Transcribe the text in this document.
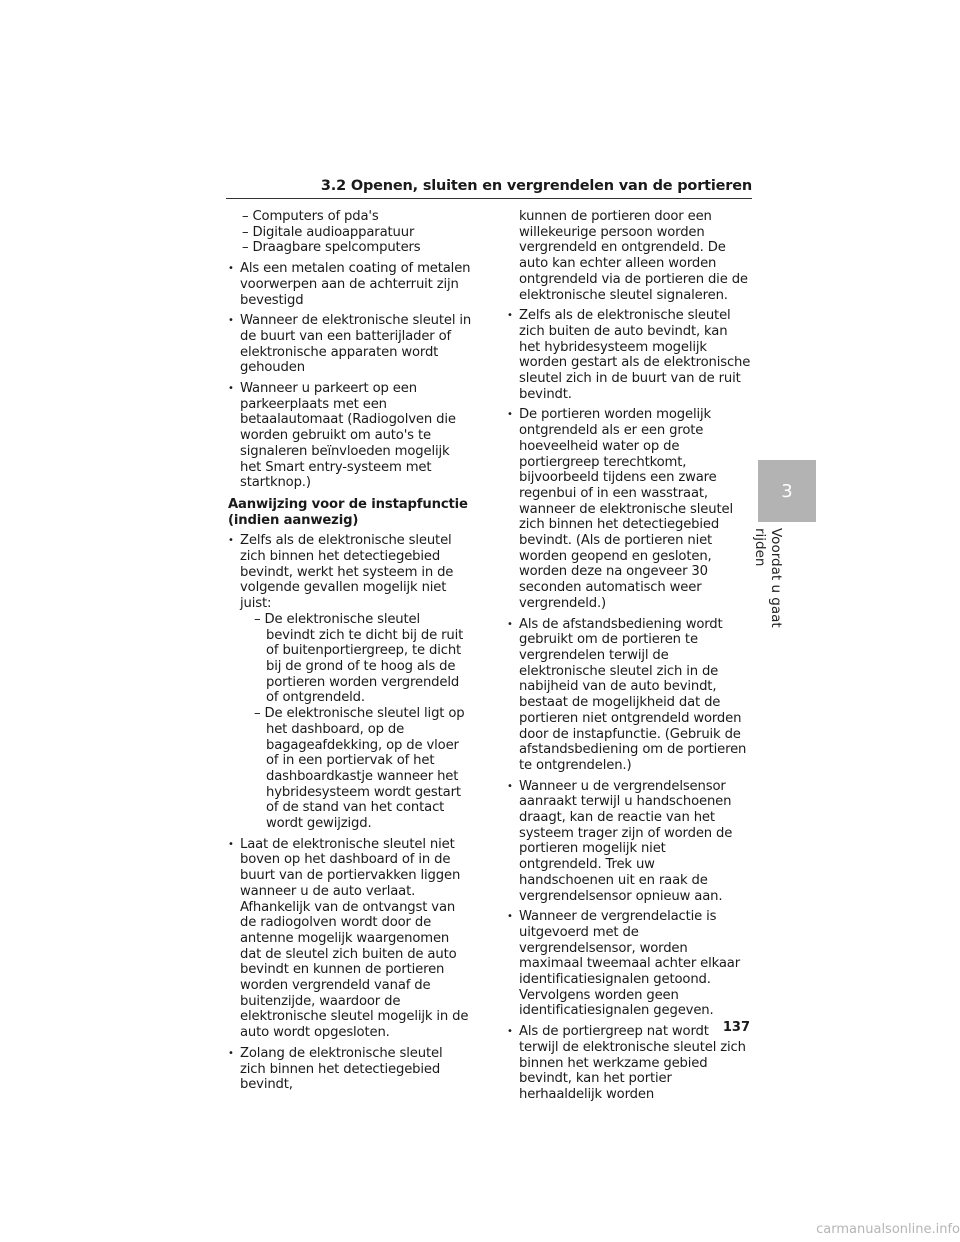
3.2 Openen, sluiten en vergrendelen van de portieren
– Computers of pda's
– Digitale audioapparatuur
– Draagbare spelcomputers
• Als een metalen coating of metalen voorwerpen aan de achterruit zijn bevestigd
• Wanneer de elektronische sleutel in de buurt van een batterijlader of elektronische apparaten wordt gehouden
• Wanneer u parkeert op een parkeerplaats met een betaalautomaat (Radiogolven die worden gebruikt om auto's te signaleren beïnvloeden mogelijk het Smart entry-systeem met startknop.)
Aanwijzing voor de instapfunctie (indien aanwezig)
• Zelfs als de elektronische sleutel zich binnen het detectiegebied bevindt, werkt het systeem in de volgende gevallen mogelijk niet juist:
– De elektronische sleutel bevindt zich te dicht bij de ruit of buitenportiergreep, te dicht bij de grond of te hoog als de portieren worden vergrendeld of ontgrendeld.
– De elektronische sleutel ligt op het dashboard, op de bagageafdekking, op de vloer of in een portiervak of het dashboardkastje wanneer het hybridesysteem wordt gestart of de stand van het contact wordt gewijzigd.
• Laat de elektronische sleutel niet boven op het dashboard of in de buurt van de portiervakken liggen wanneer u de auto verlaat. Afhankelijk van de ontvangst van de radiogolven wordt door de antenne mogelijk waargenomen dat de sleutel zich buiten de auto bevindt en kunnen de portieren worden vergrendeld vanaf de buitenzijde, waardoor de elektronische sleutel mogelijk in de auto wordt opgesloten.
• Zolang de elektronische sleutel zich binnen het detectiegebied bevindt,
kunnen de portieren door een willekeurige persoon worden vergrendeld en ontgrendeld. De auto kan echter alleen worden ontgrendeld via de portieren die de elektronische sleutel signaleren.
• Zelfs als de elektronische sleutel zich buiten de auto bevindt, kan het hybridesysteem mogelijk worden gestart als de elektronische sleutel zich in de buurt van de ruit bevindt.
• De portieren worden mogelijk ontgrendeld als er een grote hoeveelheid water op de portiergreep terechtkomt, bijvoorbeeld tijdens een zware regenbui of in een wasstraat, wanneer de elektronische sleutel zich binnen het detectiegebied bevindt. (Als de portieren niet worden geopend en gesloten, worden deze na ongeveer 30 seconden automatisch weer vergrendeld.)
• Als de afstandsbediening wordt gebruikt om de portieren te vergrendelen terwijl de elektronische sleutel zich in de nabijheid van de auto bevindt, bestaat de mogelijkheid dat de portieren niet ontgrendeld worden door de instapfunctie. (Gebruik de afstandsbediening om de portieren te ontgrendelen.)
• Wanneer u de vergrendelsensor aanraakt terwijl u handschoenen draagt, kan de reactie van het systeem trager zijn of worden de portieren mogelijk niet ontgrendeld. Trek uw handschoenen uit en raak de vergrendelsensor opnieuw aan.
• Wanneer de vergrendelactie is uitgevoerd met de vergrendelsensor, worden maximaal tweemaal achter elkaar identificatiesignalen getoond. Vervolgens worden geen identificatiesignalen gegeven.
• Als de portiergreep nat wordt terwijl de elektronische sleutel zich binnen het werkzame gebied bevindt, kan het portier herhaaldelijk worden
3
Voordat u gaat rijden
137
carmanualsonline.info
